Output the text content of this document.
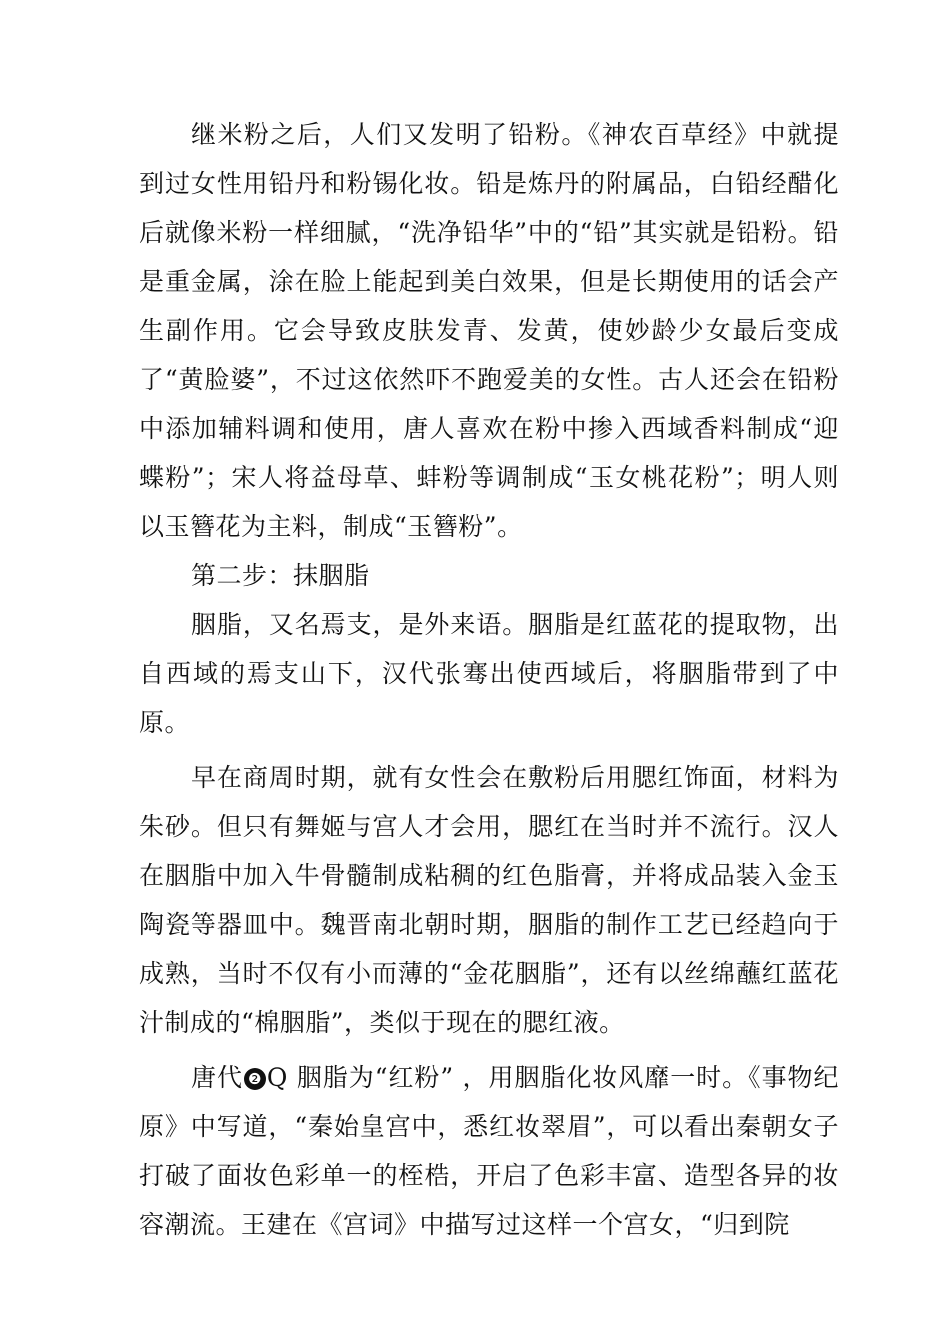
继米粉之后，人们又发明了铅粉。《神农百草经》中就提到过女性用铅丹和粉锡化妆。铅是炼丹的附属品，白铅经醋化后就像米粉一样细腻，“洗净铅华”中的“铅”其实就是铅粉。铅是重金属，涂在脸上能起到美白效果，但是长期使用的话会产生副作用。它会导致皮肤发青、发黄，使妙龄少女最后变成了“黄脸婆”，不过这依然吓不跑爱美的女性。古人还会在铅粉中添加辅料调和使用，唐人喜欢在粉中掺入西域香料制成“迎蝶粉”；宋人将益母草、蚌粉等调制成“玉女桃花粉”；明人则以玉簪花为主料，制成“玉簪粉”。

第二步：抹胭脂

胭脂，又名焉支，是外来语。胭脂是红蓝花的提取物，出自西域的焉支山下，汉代张骞出使西域后，将胭脂带到了中原。

早在商周时期，就有女性会在敷粉后用腮红饰面，材料为朱砂。但只有舞姬与宫人才会用，腮红在当时并不流行。汉人在胭脂中加入牛骨髓制成粘稠的红色脂膏，并将成品装入金玉陶瓷等器皿中。魏晋南北朝时期，胭脂的制作工艺已经趋向于成熟，当时不仅有小而薄的“金花胭脂”，还有以丝绵蘸红蓝花汁制成的“棉胭脂”，类似于现在的腮红液。

唐代 ❷ Q 胭脂为“红粉” ，用胭脂化妆风靡一时。《事物纪原》中写道，“秦始皇宫中，悉红妆翠眉”，可以看出秦朝女子打破了面妆色彩单一的桎梏，开启了色彩丰富、造型各异的妆容潮流。王建在《宫词》中描写过这样一个宫女，“归到院
